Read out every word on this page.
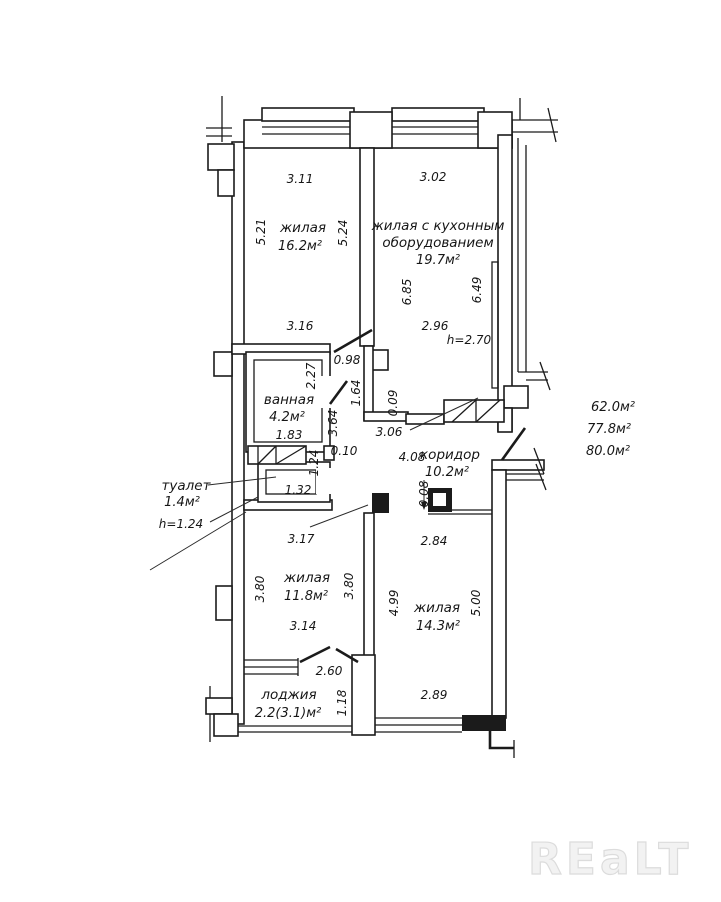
3.11
5.21 жилая
16.2м²
5.24
3.16
3.02
жилая с кухонным
оборудованием
19.7м²
6.85	6.49
2.96
h=2.70
0.98
2.27
ванная
4.2м²
1.83 3.64
1.64 0.09
3.06
0.10	4.08
коридор
10.2м²
0.08
1.24
1.32
туалет
1.4м²
h=1.24
3.17
3.80 жилая
11.8м² 3.80
3.14
2.84
4.99 жилая
14.3м²
5.00
2.89
2.60
лоджия
2.2(3.1)м² 1.18
62.0м²
77.8м²
80.0м²
REaLT
